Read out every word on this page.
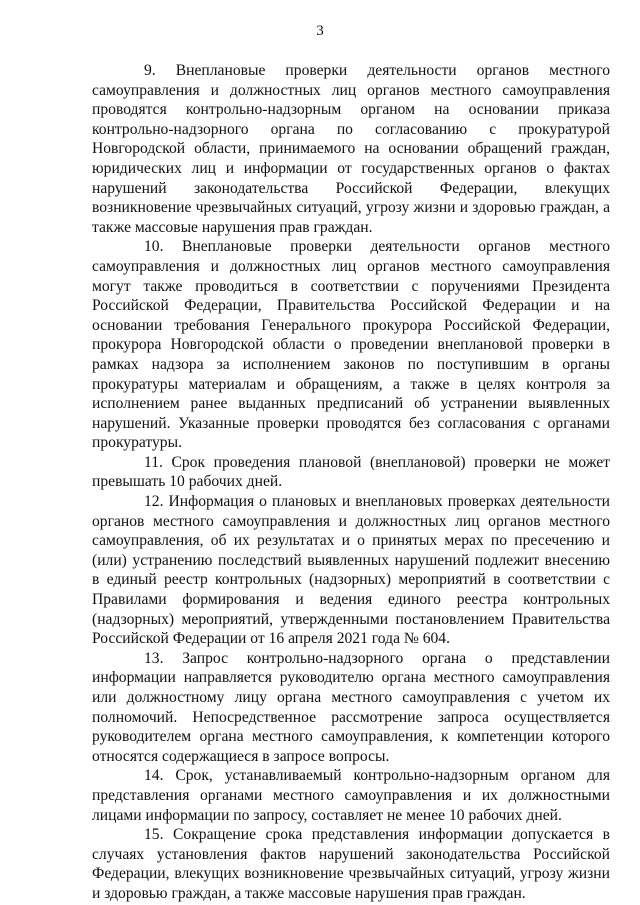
3

9. Внеплановые проверки деятельности органов местного самоуправления и должностных лиц органов местного самоуправления проводятся контрольно-надзорным органом на основании приказа контрольно-надзорного органа по согласованию с прокуратурой Новгородской области, принимаемого на основании обращений граждан, юридических лиц и информации от государственных органов о фактах нарушений законодательства Российской Федерации, влекущих возникновение чрезвычайных ситуаций, угрозу жизни и здоровью граждан, а также массовые нарушения прав граждан.

10. Внеплановые проверки деятельности органов местного самоуправления и должностных лиц органов местного самоуправления могут также проводиться в соответствии с поручениями Президента Российской Федерации, Правительства Российской Федерации и на основании требования Генерального прокурора Российской Федерации, прокурора Новгородской области о проведении внеплановой проверки в рамках надзора за исполнением законов по поступившим в органы прокуратуры материалам и обращениям, а также в целях контроля за исполнением ранее выданных предписаний об устранении выявленных нарушений. Указанные проверки проводятся без согласования с органами прокуратуры.

11. Срок проведения плановой (внеплановой) проверки не может превышать 10 рабочих дней.

12. Информация о плановых и внеплановых проверках деятельности органов местного самоуправления и должностных лиц органов местного самоуправления, об их результатах и о принятых мерах по пресечению и (или) устранению последствий выявленных нарушений подлежит внесению в единый реестр контрольных (надзорных) мероприятий в соответствии с Правилами формирования и ведения единого реестра контрольных (надзорных) мероприятий, утвержденными постановлением Правительства Российской Федерации от 16 апреля 2021 года № 604.

13. Запрос контрольно-надзорного органа о представлении информации направляется руководителю органа местного самоуправления или должностному лицу органа местного самоуправления с учетом их полномочий. Непосредственное рассмотрение запроса осуществляется руководителем органа местного самоуправления, к компетенции которого относятся содержащиеся в запросе вопросы.

14. Срок, устанавливаемый контрольно-надзорным органом для представления органами местного самоуправления и их должностными лицами информации по запросу, составляет не менее 10 рабочих дней.

15. Сокращение срока представления информации допускается в случаях установления фактов нарушений законодательства Российской Федерации, влекущих возникновение чрезвычайных ситуаций, угрозу жизни и здоровью граждан, а также массовые нарушения прав граждан.
